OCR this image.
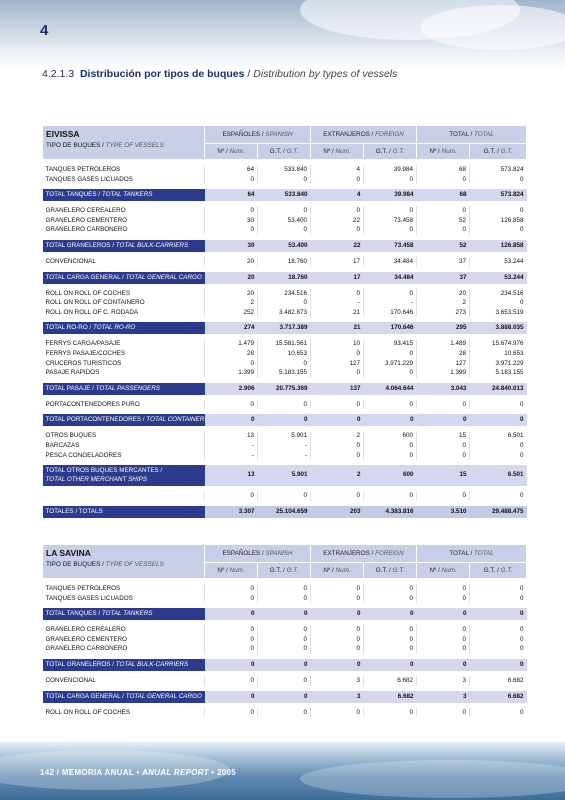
4
4.2.1.3 Distribución por tipos de buques / Distribution by types of vessels
EIVISSA
TIPO DE BUQUES / TYPE OF VESSELS	ESPAÑOLES / SPANISH		EXTRANJEROS / FOREIGN		TOTAL / TOTAL	
	Nº / Num.	G.T. / G.T.	Nº / Num.	G.T. / G.T.	Nº / Num.	G.T. / G.T.

TANQUES PETROLEROS	64	533.840	4	39.984	68	573.824
TANQUES GASES LICUADOS	0	0	0	0	0	0

TOTAL TANQUES / TOTAL TANKERS	64	533.840	4	39.984	68	573.824

GRANELERO CEREALERO	0	0	0	0	0	0
GRANELERO CEMENTERO	30	53.400	22	73.458	52	126.858
GRANELERO CARBONERO	0	0	0	0	0	0

TOTAL GRANELEROS / TOTAL BULK-CARRIERS	30	53.400	22	73.458	52	126.858

CONVENCIONAL	20	18.760	17	34.484	37	53.244

TOTAL CARGA GENERAL / TOTAL GENERAL CARGO	20	18.760	17	34.484	37	53.244

ROLL ON ROLL OF COCHES	20	234.516	0	0	20	234.516
ROLL ON ROLL OF CONTAINERO	2	0	-	-	2	0
ROLL ON ROLL OF C. RODADA	252	3.482.873	21	170.646	273	3.653.519

TOTAL RO-RO / TOTAL RO-RO	274	3.717.389	21	170.646	295	3.888.035

FERRYS CARGA/PASAJE	1.479	15.581.561	10	93.415	1.489	15.674.976
FERRYS PASAJE/COCHES	28	10.653	0	0	28	10.653
CRUCEROS TURISTICOS	0	0	127	3.971.229	127	3.971.229
PASAJE RAPIDOS	1.399	5.183.155	0	0	1.399	5.183.155

TOTAL PASAJE / TOTAL PASSENGERS	2.906	20.775.369	137	4.064.644	3.043	24.840.013

PORTACONTENEDORES PURO	0	0	0	0	0	0

TOTAL PORTACONTENEDORES / TOTAL CONTAINER	0	0	0	0	0	0

OTROS BUQUES	13	5.901	2	600	15	6.501
BARCAZAS	-	-	0	0	0	0
PESCA CONGELADORES	-	-	0	0	0	0

TOTAL OTROS BUQUES MERCANTES /
TOTAL OTHER MERCHANT SHIPS	13	5.901	2	600	15	6.501

	0	0	0	0	0	0

TOTALES / TOTALS	3.307	25.104.659	203	4.383.816	3.510	29.488.475
LA SAVINA
TIPO DE BUQUES / TYPE OF VESSELS	ESPAÑOLES / SPANISH		EXTRANJEROS / FOREIGN		TOTAL / TOTAL	
	Nº / Num.	G.T. / G.T.	Nº / Num.	G.T. / G.T.	Nº / Num.	G.T. / G.T.

TANQUES PETROLEROS	0	0	0	0	0	0
TANQUES GASES LICUADOS	0	0	0	0	0	0

TOTAL TANQUES / TOTAL TANKERS	0	0	0	0	0	0

GRANELERO CEREALERO	0	0	0	0	0	0
GRANELERO CEMENTERO	0	0	0	0	0	0
GRANELERO CARBONERO	0	0	0	0	0	0

TOTAL GRANELEROS / TOTAL BULK-CARRIERS	0	0	0	0	0	0

CONVENCIONAL	0	0	3	6.682	3	6.682

TOTAL CARGA GENERAL / TOTAL GENERAL CARGO	0	0	3	6.682	3	6.682

ROLL ON ROLL OF COCHES	0	0	0	0	0	0
142 / MEMORIA ANUAL • ANUAL REPORT • 2005
